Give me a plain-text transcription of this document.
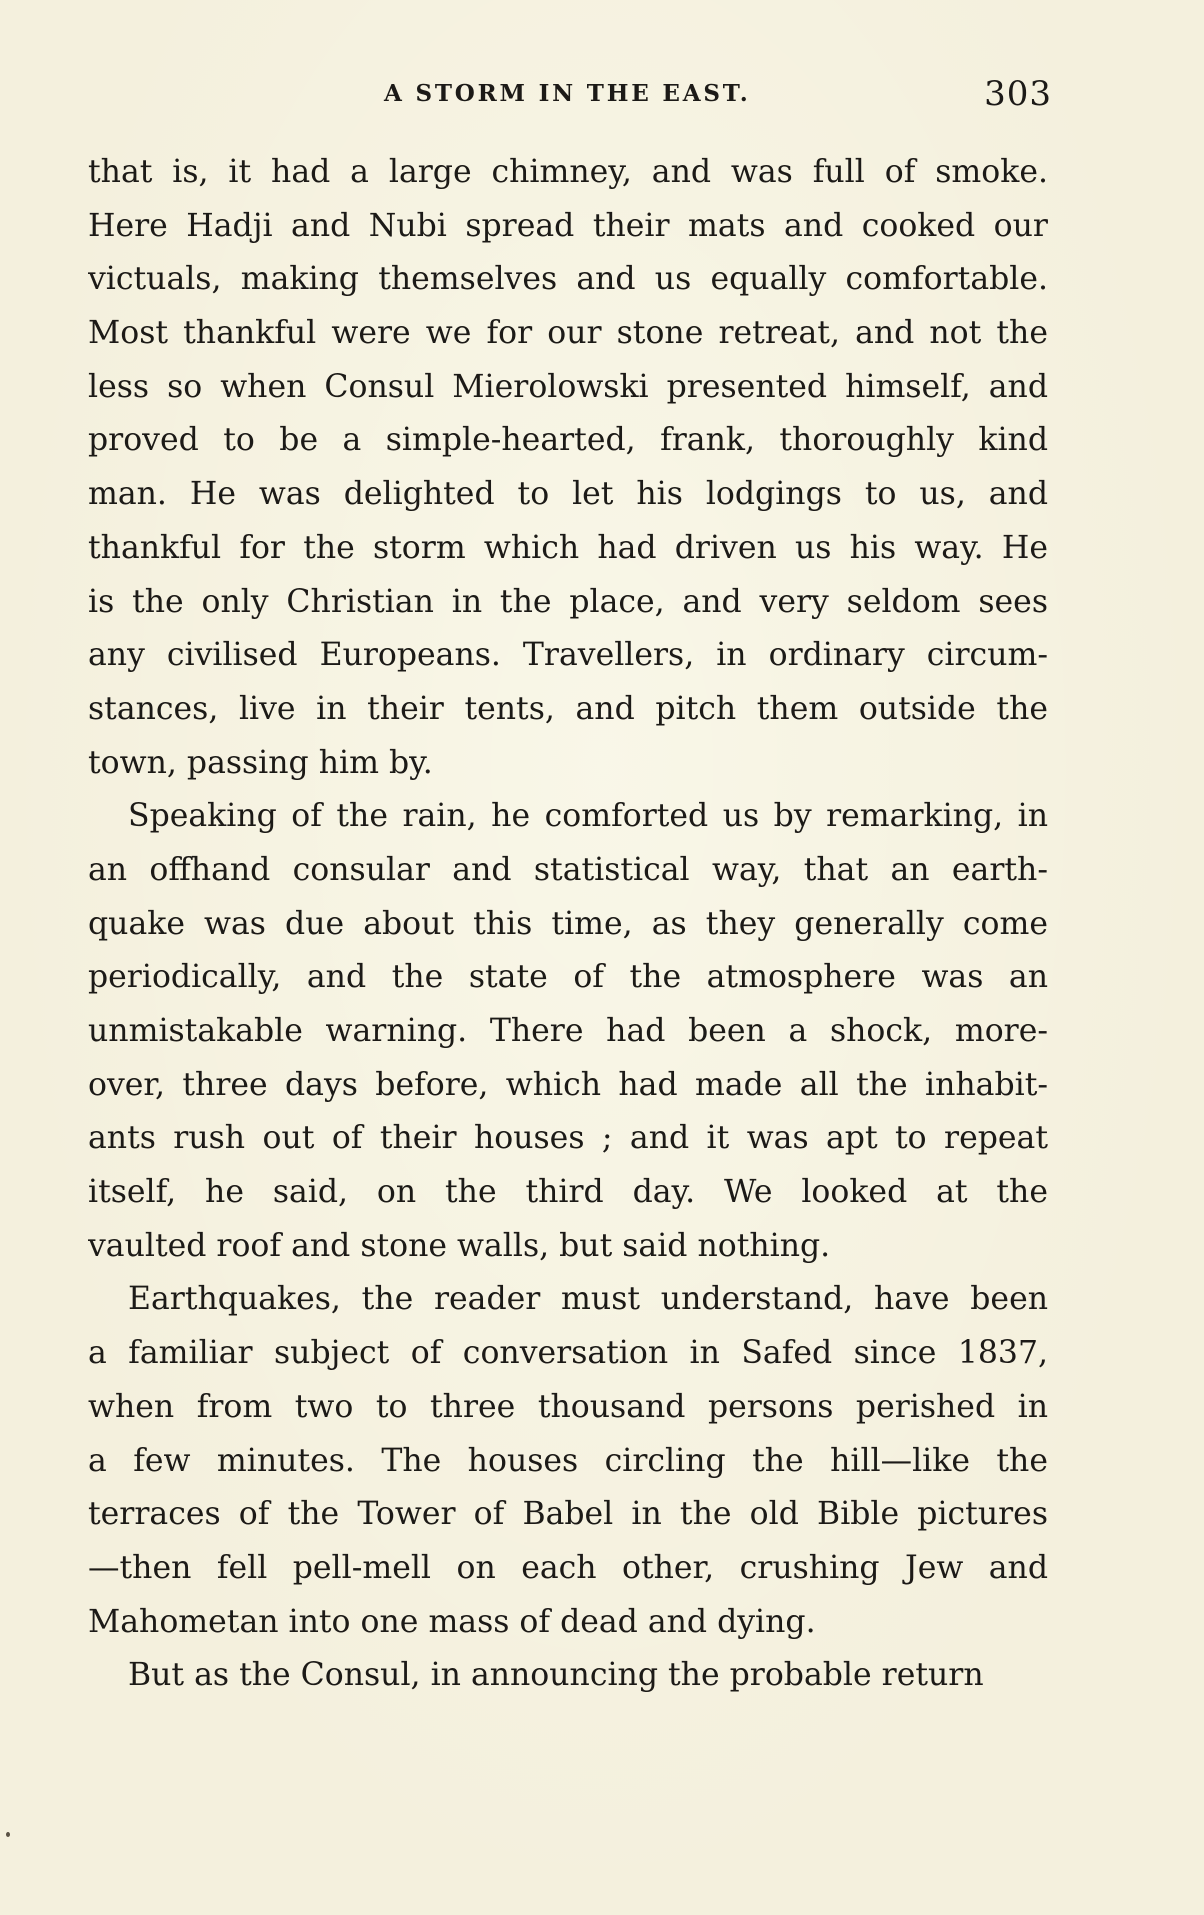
A STORM IN THE EAST.	303
that is, it had a large chimney, and was full of smoke.
Here Hadji and Nubi spread their mats and cooked our
victuals, making themselves and us equally comfortable.
Most thankful were we for our stone retreat, and not the
less so when Consul Mierolowski presented himself, and
proved to be a simple-hearted, frank, thoroughly kind
man. He was delighted to let his lodgings to us, and
thankful for the storm which had driven us his way. He
is the only Christian in the place, and very seldom sees
any civilised Europeans. Travellers, in ordinary circum-
stances, live in their tents, and pitch them outside the
town, passing him by.
Speaking of the rain, he comforted us by remarking, in
an offhand consular and statistical way, that an earth-
quake was due about this time, as they generally come
periodically, and the state of the atmosphere was an
unmistakable warning. There had been a shock, more-
over, three days before, which had made all the inhabit-
ants rush out of their houses ; and it was apt to repeat
itself, he said, on the third day. We looked at the
vaulted roof and stone walls, but said nothing.
Earthquakes, the reader must understand, have been
a familiar subject of conversation in Safed since 1837,
when from two to three thousand persons perished in
a few minutes. The houses circling the hill—like the
terraces of the Tower of Babel in the old Bible pictures
—then fell pell-mell on each other, crushing Jew and
Mahometan into one mass of dead and dying.
But as the Consul, in announcing the probable return
